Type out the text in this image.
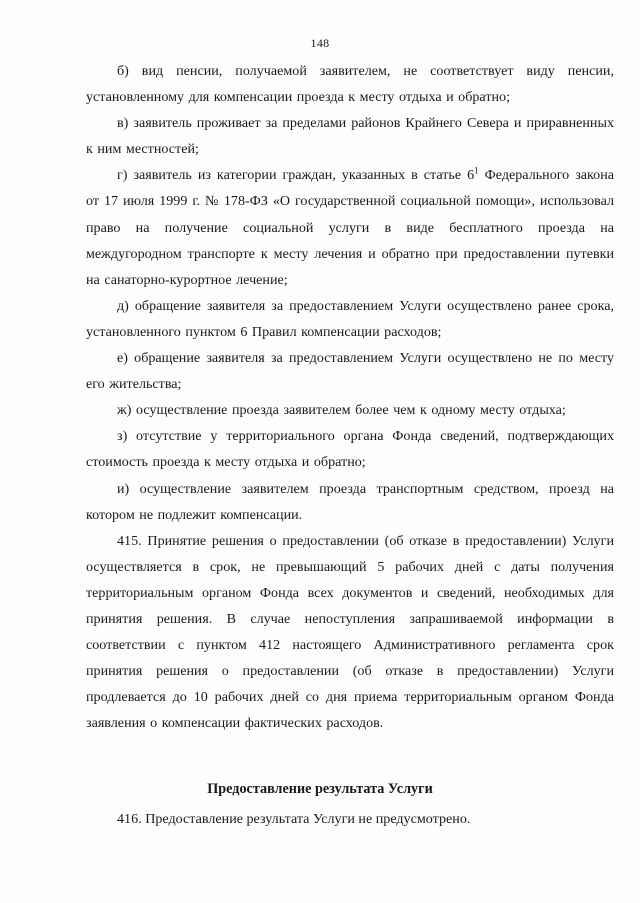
148

б) вид пенсии, получаемой заявителем, не соответствует виду пенсии, установленному для компенсации проезда к месту отдыха и обратно;

в) заявитель проживает за пределами районов Крайнего Севера и приравненных к ним местностей;

г) заявитель из категории граждан, указанных в статье $6^1$ Федерального закона от 17 июля 1999 г. № 178-ФЗ «О государственной социальной помощи», использовал право на получение социальной услуги в виде бесплатного проезда на междугородном транспорте к месту лечения и обратно при предоставлении путевки на санаторно-курортное лечение;

д) обращение заявителя за предоставлением Услуги осуществлено ранее срока, установленного пунктом 6 Правил компенсации расходов;

е) обращение заявителя за предоставлением Услуги осуществлено не по месту его жительства;

ж) осуществление проезда заявителем более чем к одному месту отдыха;

з) отсутствие у территориального органа Фонда сведений, подтверждающих стоимость проезда к месту отдыха и обратно;

и) осуществление заявителем проезда транспортным средством, проезд на котором не подлежит компенсации.

415. Принятие решения о предоставлении (об отказе в предоставлении) Услуги осуществляется в срок, не превышающий 5 рабочих дней с даты получения территориальным органом Фонда всех документов и сведений, необходимых для принятия решения. В случае непоступления запрашиваемой информации в соответствии с пунктом 412 настоящего Административного регламента срок принятия решения о предоставлении (об отказе в предоставлении) Услуги продлевается до 10 рабочих дней со дня приема территориальным органом Фонда заявления о компенсации фактических расходов.

Предоставление результата Услуги
416. Предоставление результата Услуги не предусмотрено.
